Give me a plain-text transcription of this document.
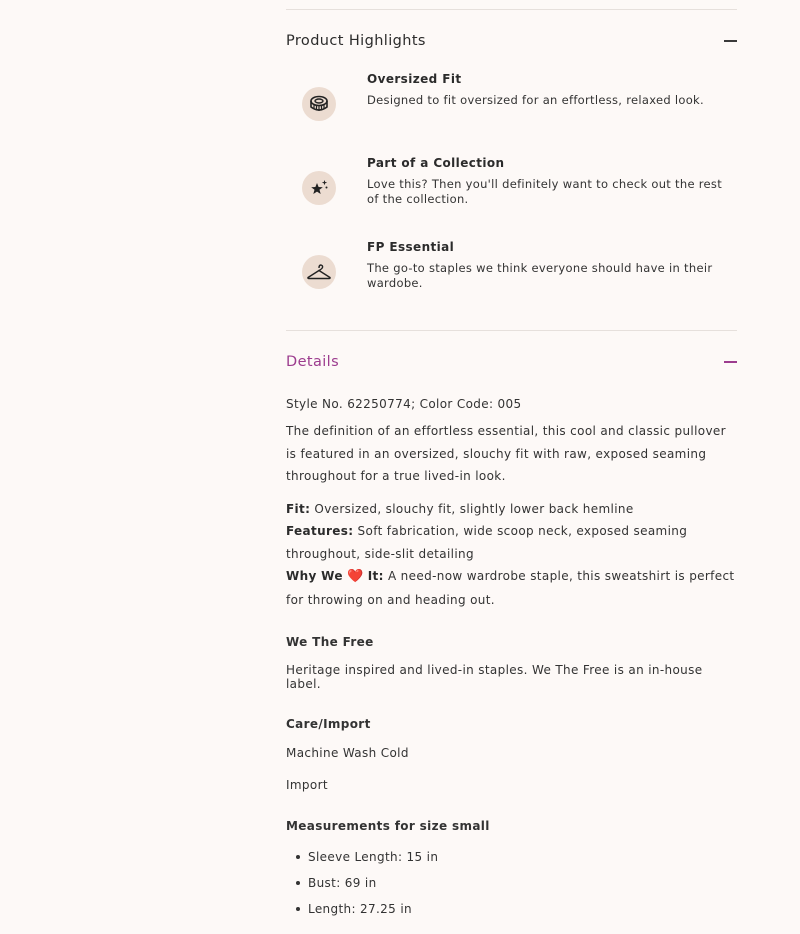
Product Highlights

Oversized Fit

Designed to fit oversized for an effortless, relaxed look.

Part of a Collection

Love this? Then you'll definitely want to check out the rest of the collection.

FP Essential

The go-to staples we think everyone should have in their wardobe.

Details

Style No. 62250774; Color Code: 005

The definition of an effortless essential, this cool and classic pullover is featured in an oversized, slouchy fit with raw, exposed seaming throughout for a true lived-in look.

Fit: Oversized, slouchy fit, slightly lower back hemline

Features: Soft fabrication, wide scoop neck, exposed seaming throughout, side-slit detailing

Why We ❤️ It: A need-now wardrobe staple, this sweatshirt is perfect for throwing on and heading out.

We The Free

Heritage inspired and lived-in staples. We The Free is an in-house label.

Care/Import

Machine Wash Cold

Import

Measurements for size small

Sleeve Length: 15 in
Bust: 69 in
Length: 27.25 in
